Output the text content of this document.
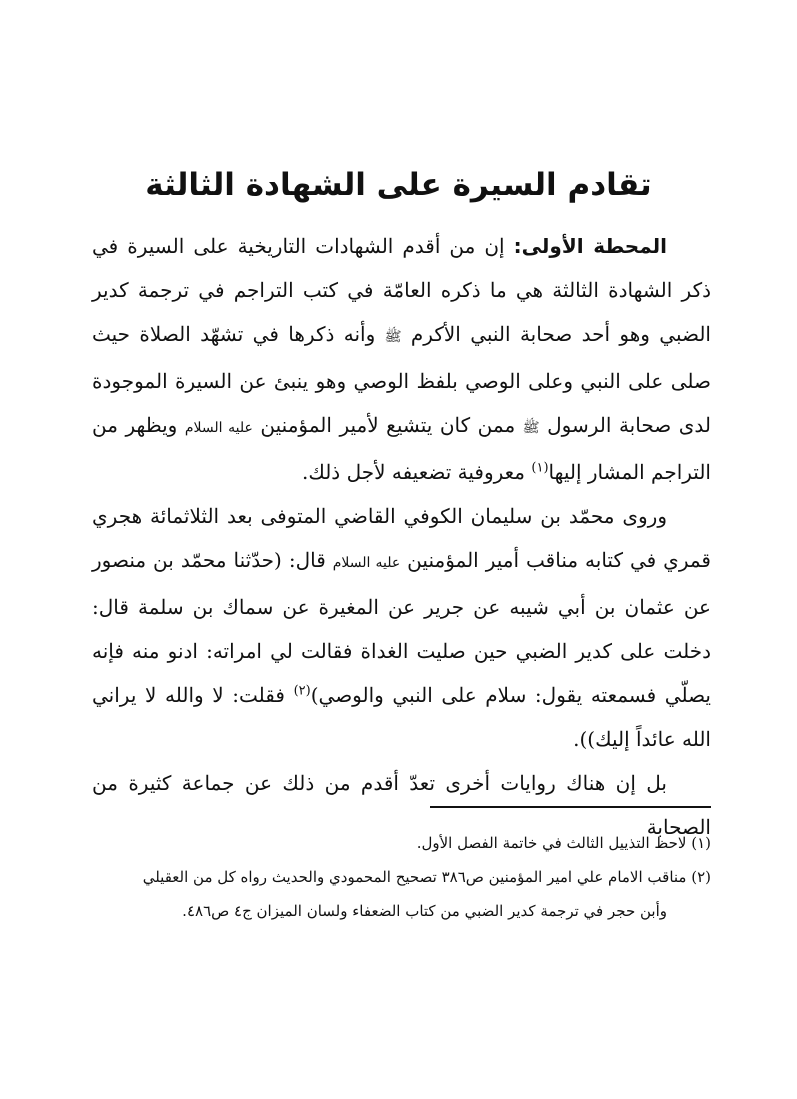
تقادم السيرة على الشهادة الثالثة

المحطة الأولى: إن من أقدم الشهادات التاريخية على السيرة في ذكر الشهادة الثالثة هي ما ذكره العامّة في كتب التراجم في ترجمة كدير الضبي وهو أحد صحابة النبي الأكرم ﷺ وأنه ذكرها في تشهّد الصلاة حيث صلى على النبي وعلى الوصي بلفظ الوصي وهو ينبئ عن السيرة الموجودة لدى صحابة الرسول ﷺ ممن كان يتشيع لأمير المؤمنين عليه السلام ويظهر من التراجم المشار إليها$^{(١)}$ معروفية تضعيفه لأجل ذلك.

وروى محمّد بن سليمان الكوفي القاضي المتوفى بعد الثلاثمائة هجري قمري في كتابه مناقب أمير المؤمنين عليه السلام قال: (حدّثنا محمّد بن منصور عن عثمان بن أبي شيبه عن جرير عن المغيرة عن سماك بن سلمة قال: دخلت على كدير الضبي حين صليت الغداة فقالت لي امراته: ادنو منه فإنه يصلّي فسمعته يقول: سلام على النبي والوصي)$^{(٢)}$ فقلت: لا والله لا يراني الله عائداً إليك)).

بل إن هناك روايات أخرى تعدّ أقدم من ذلك عن جماعة كثيرة من الصحابة

(١) لاحظ التذييل الثالث في خاتمة الفصل الأول.

(٢) مناقب الامام علي امير المؤمنين ص٣٨٦ تصحيح المحمودي والحديث رواه كل من العقيلي

وأبن حجر في ترجمة كدير الضبي من كتاب الضعفاء ولسان الميزان ج٤ ص٤٨٦.
